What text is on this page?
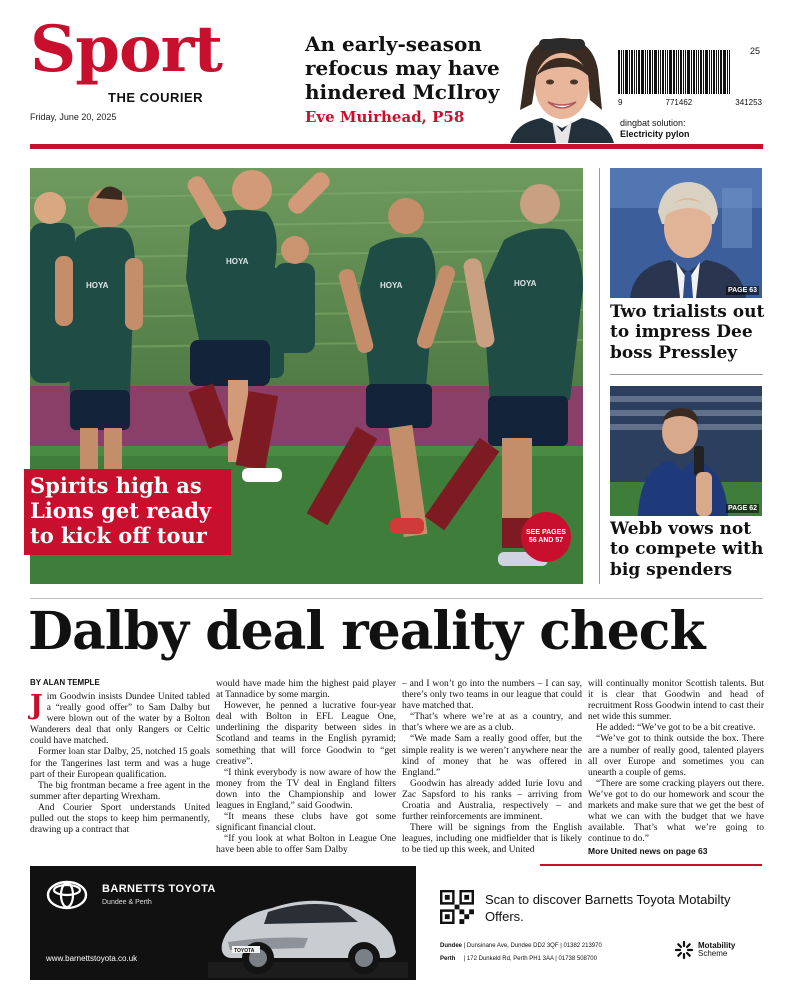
Sport
THE COURIER
Friday, June 20, 2025
An early-season refocus may have hindered McIlroy
Eve Muirhead, P58
25
9	771462	341253
dingbat solution:
Electricity pylon
HOYA
HOYA
HOYA	HOYA
Spirits high as Lions get ready to kick off tour	SEE PAGES 56 AND 57
PAGE 63
Two trialists out to impress Dee boss Pressley
PAGE 62
Webb vows not to compete with big spenders
Dalby deal reality check
BY ALAN TEMPLE

Jim Goodwin insists Dundee United tabled a “really good offer” to Sam Dalby but were blown out of the water by a Bolton Wanderers deal that only Rangers or Celtic could have matched.

Former loan star Dalby, 25, notched 15 goals for the Tangerines last term and was a huge part of their European qualification.

The big frontman became a free agent in the summer after departing Wrexham.

And Courier Sport understands United pulled out the stops to keep him permanently, drawing up a contract that

would have made him the highest paid player at Tannadice by some margin.

However, he penned a lucrative four-year deal with Bolton in EFL League One, underlining the disparity between sides in Scotland and teams in the English pyramid; something that will force Goodwin to “get creative”.

“I think everybody is now aware of how the money from the TV deal in England filters down into the Championship and lower leagues in England,” said Goodwin.

“It means these clubs have got some significant financial clout.

“If you look at what Bolton in League One have been able to offer Sam Dalby

– and I won’t go into the numbers – I can say, there’s only two teams in our league that could have matched that.

“That’s where we’re at as a country, and that’s where we are as a club.

“We made Sam a really good offer, but the simple reality is we weren’t anywhere near the kind of money that he was offered in England.”

Goodwin has already added Iurie Iovu and Zac Sapsford to his ranks – arriving from Croatia and Australia, respectively – and further reinforcements are imminent.

There will be signings from the English leagues, including one midfielder that is likely to be tied up this week, and United

will continually monitor Scottish talents. But it is clear that Goodwin and head of recruitment Ross Goodwin intend to cast their net wide this summer.

He added: “We’ve got to be a bit creative.

“We’ve got to think outside the box. There are a number of really good, talented players all over Europe and sometimes you can unearth a couple of gems.

“There are some cracking players out there. We’ve got to do our homework and scour the markets and make sure that we get the best of what we can with the budget that we have available. That’s what we’re going to continue to do.”

More United news on page 63
BARNETTS TOYOTA
Dundee & Perth
www.barnettstoyota.co.uk
TOYOTA
Scan to discover Barnetts Toyota Motabilty Offers.
Dundee | Dunsinane Ave, Dundee DD2 3QF | 01382 213970
Perth | 172 Dunkeld Rd, Perth PH1 3AA | 01738 508700
Motability
Scheme
